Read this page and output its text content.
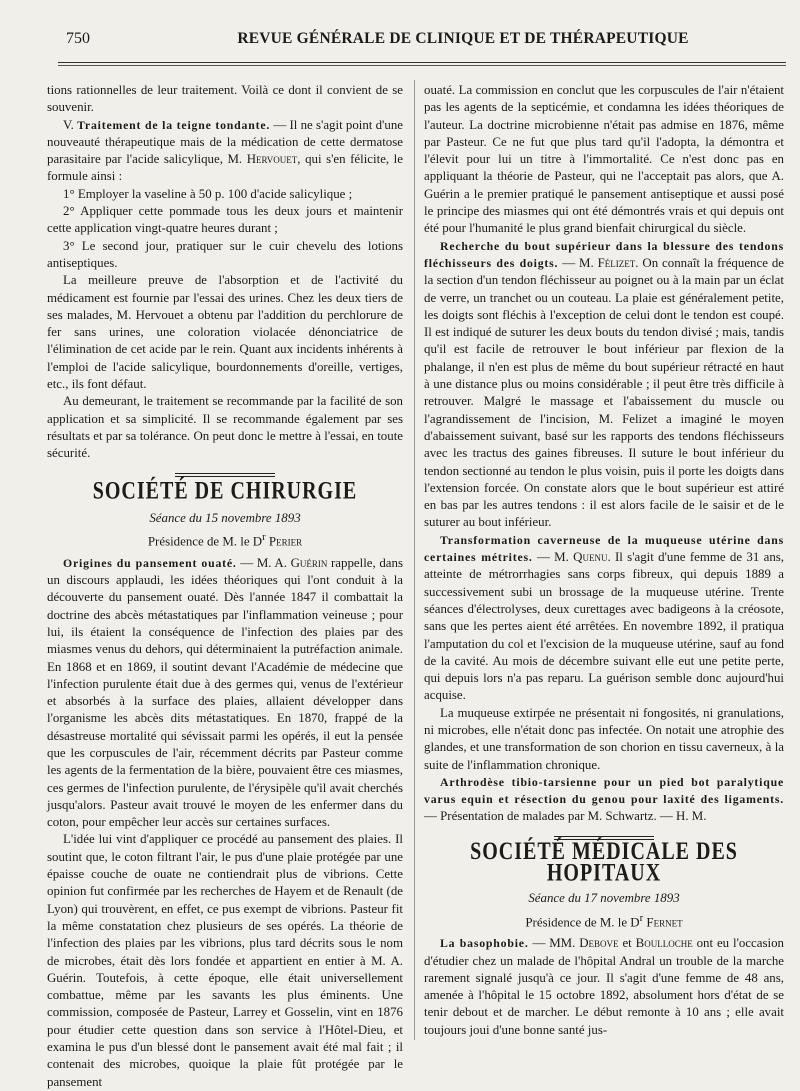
750	REVUE GÉNÉRALE DE CLINIQUE ET DE THÉRAPEUTIQUE

tions rationnelles de leur traitement. Voilà ce dont il convient de se souvenir.

V. Traitement de la teigne tondante. — Il ne s'agit point d'une nouveauté thérapeutique mais de la médication de cette dermatose parasitaire par l'acide salicylique, M. Hervouet, qui s'en félicite, le formule ainsi :

1° Employer la vaseline à 50 p. 100 d'acide salicylique ;

2° Appliquer cette pommade tous les deux jours et maintenir cette application vingt-quatre heures durant ;

3° Le second jour, pratiquer sur le cuir chevelu des lotions antiseptiques.

La meilleure preuve de l'absorption et de l'activité du médicament est fournie par l'essai des urines. Chez les deux tiers de ses malades, M. Hervouet a obtenu par l'addition du perchlorure de fer sans urines, une coloration violacée dénonciatrice de l'élimination de cet acide par le rein. Quant aux incidents inhérents à l'emploi de l'acide salicylique, bourdonnements d'oreille, vertiges, etc., ils font défaut.

Au demeurant, le traitement se recommande par la facilité de son application et sa simplicité. Il se recommande également par ses résultats et par sa tolérance. On peut donc le mettre à l'essai, en toute sécurité.

SOCIÉTÉ DE CHIRURGIE
Séance du 15 novembre 1893
Présidence de M. le $D^r$ Perier

Origines du pansement ouaté. — M. A. Guérin rappelle, dans un discours applaudi, les idées théoriques qui l'ont conduit à la découverte du pansement ouaté. Dès l'année 1847 il combattait la doctrine des abcès métastatiques par l'inflammation veineuse ; pour lui, ils étaient la conséquence de l'infection des plaies par des miasmes venus du dehors, qui déterminaient la putréfaction animale. En 1868 et en 1869, il soutint devant l'Académie de médecine que l'infection purulente était due à des germes qui, venus de l'extérieur et absorbés à la surface des plaies, allaient développer dans l'organisme les abcès dits métastatiques. En 1870, frappé de la désastreuse mortalité qui sévissait parmi les opérés, il eut la pensée que les corpuscules de l'air, récemment décrits par Pasteur comme les agents de la fermentation de la bière, pouvaient être ces miasmes, ces germes de l'infection purulente, de l'érysipèle qu'il avait cherchés jusqu'alors. Pasteur avait trouvé le moyen de les enfermer dans du coton, pour empêcher leur accès sur certaines surfaces.

L'idée lui vint d'appliquer ce procédé au pansement des plaies. Il soutint que, le coton filtrant l'air, le pus d'une plaie protégée par une épaisse couche de ouate ne contiendrait plus de vibrions. Cette opinion fut confirmée par les recherches de Hayem et de Renault (de Lyon) qui trouvèrent, en effet, ce pus exempt de vibrions. Pasteur fit la même constatation chez plusieurs de ses opérés. La théorie de l'infection des plaies par les vibrions, plus tard décrits sous le nom de microbes, était dès lors fondée et appartient en entier à M. A. Guérin. Toutefois, à cette époque, elle était universellement combattue, même par les savants les plus éminents. Une commission, composée de Pasteur, Larrey et Gosselin, vint en 1876 pour étudier cette question dans son service à l'Hôtel-Dieu, et examina le pus d'un blessé dont le pansement avait été mal fait ; il contenait des microbes, quoique la plaie fût protégée par le pansement

ouaté. La commission en conclut que les corpuscules de l'air n'étaient pas les agents de la septicémie, et condamna les idées théoriques de l'auteur. La doctrine microbienne n'était pas admise en 1876, même par Pasteur. Ce ne fut que plus tard qu'il l'adopta, la démontra et l'élevit pour lui un titre à l'immortalité. Ce n'est donc pas en appliquant la théorie de Pasteur, qui ne l'acceptait pas alors, que A. Guérin a le premier pratiqué le pansement antiseptique et aussi posé le principe des miasmes qui ont été démontrés vrais et qui depuis ont été pour l'humanité le plus grand bienfait chirurgical du siècle.

Recherche du bout supérieur dans la blessure des tendons fléchisseurs des doigts. — M. Félizet. On connaît la fréquence de la section d'un tendon fléchisseur au poignet ou à la main par un éclat de verre, un tranchet ou un couteau. La plaie est généralement petite, les doigts sont fléchis à l'exception de celui dont le tendon est coupé. Il est indiqué de suturer les deux bouts du tendon divisé ; mais, tandis qu'il est facile de retrouver le bout inférieur par flexion de la phalange, il n'en est plus de même du bout supérieur rétracté en haut à une distance plus ou moins considérable ; il peut être très difficile à retrouver. Malgré le massage et l'abaissement du muscle ou l'agrandissement de l'incision, M. Felizet a imaginé le moyen d'abaissement suivant, basé sur les rapports des tendons fléchisseurs avec les tractus des gaines fibreuses. Il suture le bout inférieur du tendon sectionné au tendon le plus voisin, puis il porte les doigts dans l'extension forcée. On constate alors que le bout supérieur est attiré en bas par les autres tendons : il est alors facile de le saisir et de le suturer au bout inférieur.

Transformation caverneuse de la muqueuse utérine dans certaines métrites. — M. Quenu. Il s'agit d'une femme de 31 ans, atteinte de métrorrhagies sans corps fibreux, qui depuis 1889 a successivement subi un brossage de la muqueuse utérine. Trente séances d'électrolyses, deux curettages avec badigeons à la créosote, sans que les pertes aient été arrêtées. En novembre 1892, il pratiqua l'amputation du col et l'excision de la muqueuse utérine, sauf au fond de la cavité. Au mois de décembre suivant elle eut une petite perte, qui depuis lors n'a pas reparu. La guérison semble donc aujourd'hui acquise.

La muqueuse extirpée ne présentait ni fongosités, ni granulations, ni microbes, elle n'était donc pas infectée. On notait une atrophie des glandes, et une transformation de son chorion en tissu caverneux, à la suite de l'inflammation chronique.

Arthrodèse tibio-tarsienne pour un pied bot paralytique varus equin et résection du genou pour laxité des ligaments. — Présentation de malades par M. Schwartz. — H. M.

SOCIÉTÉ MÉDICALE DES HOPITAUX
Séance du 17 novembre 1893
Présidence de M. le $D^r$ Fernet

La basophobie. — MM. Debove et Boulloche ont eu l'occasion d'étudier chez un malade de l'hôpital Andral un trouble de la marche rarement signalé jusqu'à ce jour. Il s'agit d'une femme de 48 ans, amenée à l'hôpital le 15 octobre 1892, absolument hors d'état de se tenir debout et de marcher. Le début remonte à 10 ans ; elle avait toujours joui d'une bonne santé jus-
